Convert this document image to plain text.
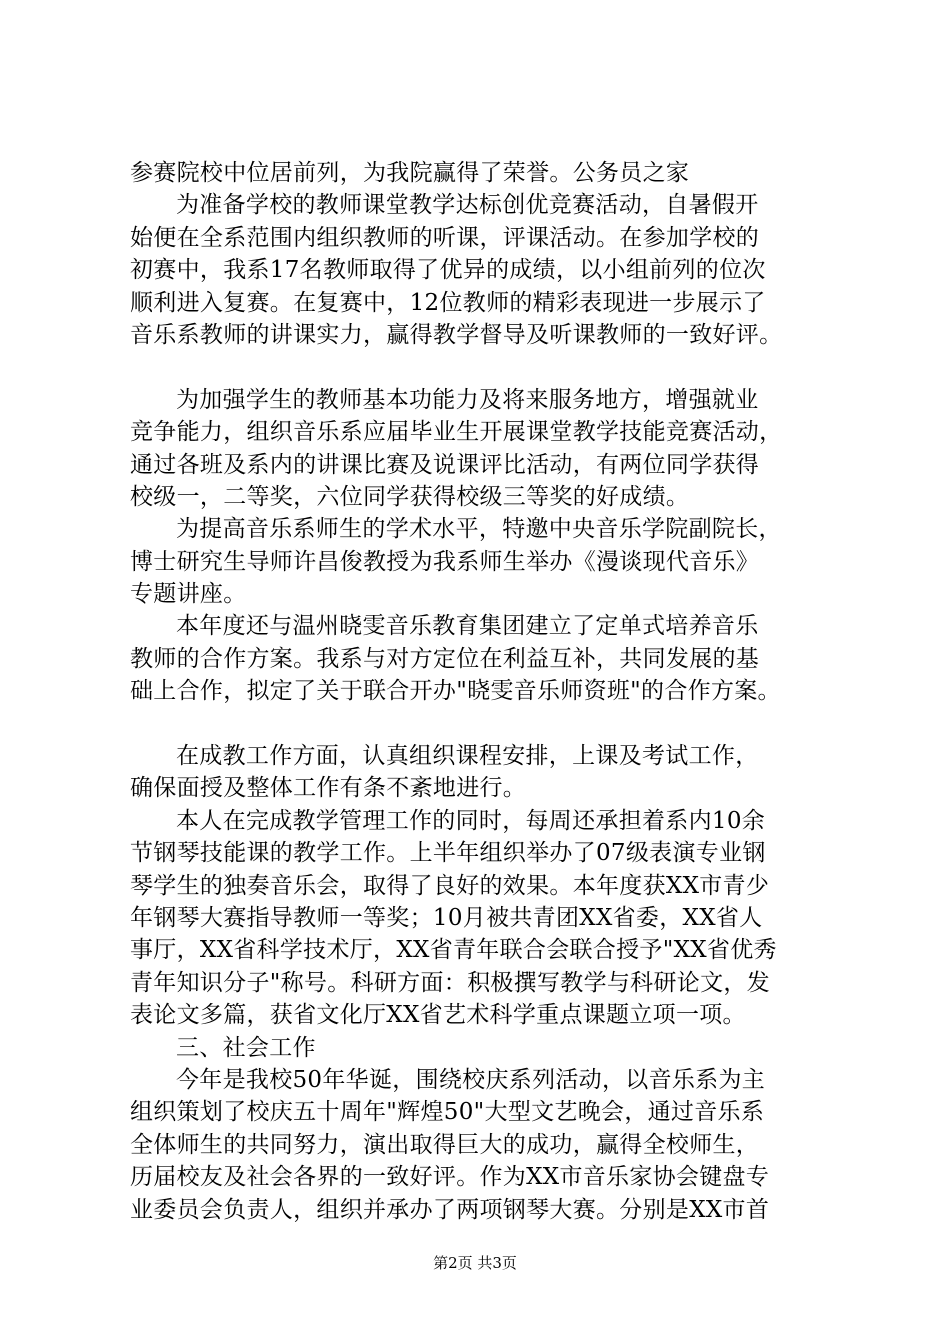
参赛院校中位居前列，为我院赢得了荣誉。公务员之家
为准备学校的教师课堂教学达标创优竞赛活动，自暑假开
始便在全系范围内组织教师的听课，评课活动。在参加学校的
初赛中，我系17名教师取得了优异的成绩，以小组前列的位次
顺利进入复赛。在复赛中，12位教师的精彩表现进一步展示了
音乐系教师的讲课实力，赢得教学督导及听课教师的一致好评。
为加强学生的教师基本功能力及将来服务地方，增强就业
竞争能力，组织音乐系应届毕业生开展课堂教学技能竞赛活动，
通过各班及系内的讲课比赛及说课评比活动，有两位同学获得
校级一，二等奖，六位同学获得校级三等奖的好成绩。
为提高音乐系师生的学术水平，特邀中央音乐学院副院长，
博士研究生导师许昌俊教授为我系师生举办《漫谈现代音乐》
专题讲座。
本年度还与温州晓雯音乐教育集团建立了定单式培养音乐
教师的合作方案。我系与对方定位在利益互补，共同发展的基
础上合作，拟定了关于联合开办"晓雯音乐师资班"的合作方案。
在成教工作方面，认真组织课程安排，上课及考试工作，
确保面授及整体工作有条不紊地进行。
本人在完成教学管理工作的同时，每周还承担着系内10余
节钢琴技能课的教学工作。上半年组织举办了07级表演专业钢
琴学生的独奏音乐会，取得了良好的效果。本年度获XX市青少
年钢琴大赛指导教师一等奖；10月被共青团XX省委，XX省人
事厅，XX省科学技术厅，XX省青年联合会联合授予"XX省优秀
青年知识分子"称号。科研方面：积极撰写教学与科研论文，发
表论文多篇，获省文化厅XX省艺术科学重点课题立项一项。
三、社会工作
今年是我校50年华诞，围绕校庆系列活动，以音乐系为主
组织策划了校庆五十周年"辉煌50"大型文艺晚会，通过音乐系
全体师生的共同努力，演出取得巨大的成功，赢得全校师生，
历届校友及社会各界的一致好评。作为XX市音乐家协会键盘专
业委员会负责人，组织并承办了两项钢琴大赛。分别是XX市首
第2页 共3页
